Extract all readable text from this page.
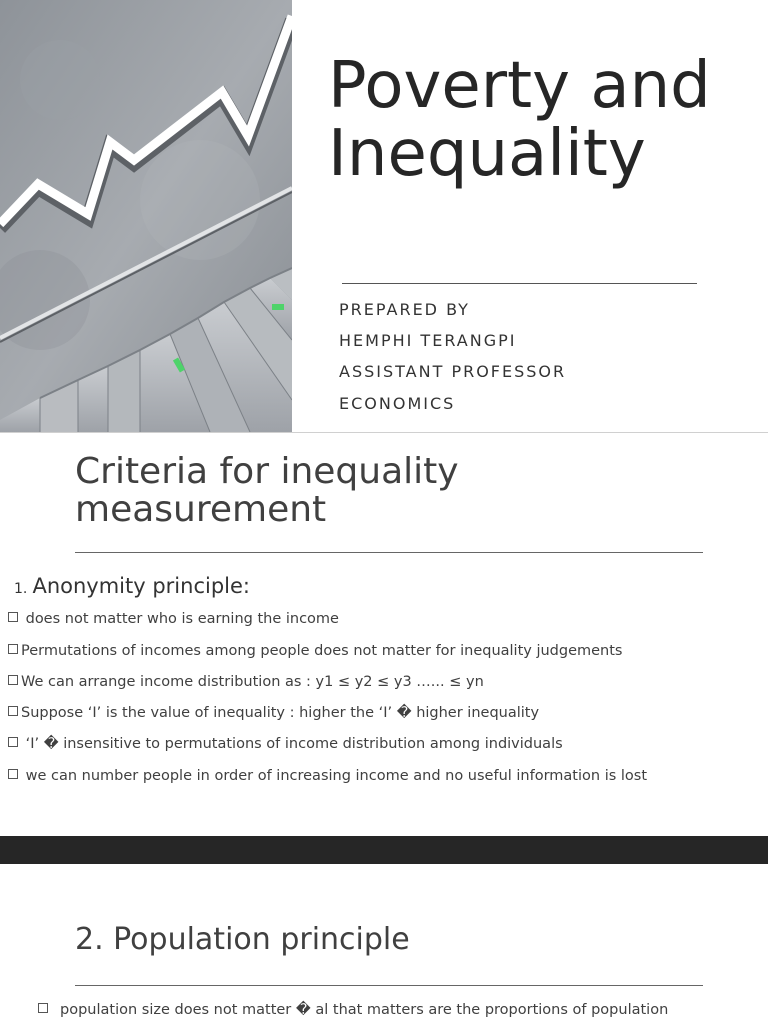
Poverty and
Inequality
PREPARED BY
HEMPHI TERANGPI
ASSISTANT PROFESSOR
ECONOMICS
Criteria for inequality
measurement
1. Anonymity principle:
does not matter who is earning the income
Permutations of incomes among people does not matter for inequality judgements
We can arrange income distribution as : y1 ≤ y2 ≤ y3 …... ≤ yn
Suppose ‘I’ is the value of inequality : higher the ‘I’ � higher inequality
‘I’ � insensitive to permutations of income distribution among individuals
we can number people in order of increasing income and no useful information is lost
2. Population principle
population size does not matter � al that matters are the proportions of population
